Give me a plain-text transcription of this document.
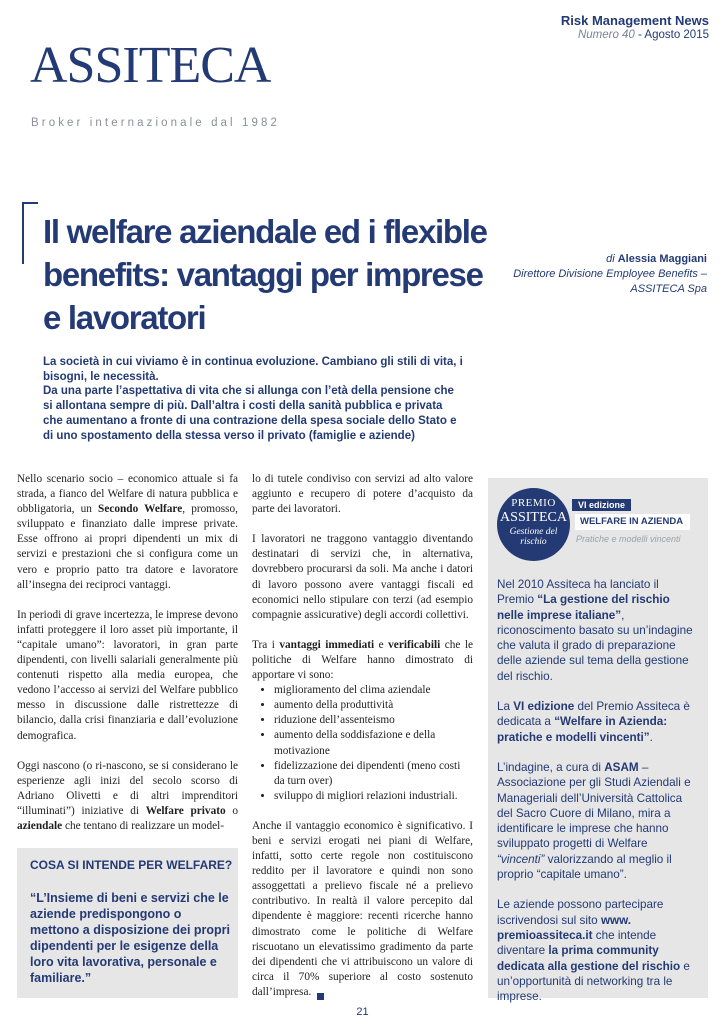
ASSITECA
Broker internazionale dal 1982
Risk Management News
Numero 40 - Agosto 2015
Il welfare aziendale ed i flexible benefits: vantaggi per imprese e lavoratori
di Alessia Maggiani
Direttore Divisione Employee Benefits – ASSITECA Spa
La società in cui viviamo è in continua evoluzione. Cambiano gli stili di vita, i bisogni, le necessità.
Da una parte l’aspettativa di vita che si allunga con l’età della pensione che si allontana sempre di più. Dall’altra i costi della sanità pubblica e privata che aumentano a fronte di una contrazione della spesa sociale dello Stato e di uno spostamento della stessa verso il privato (famiglie e aziende)

Nello scenario socio – economico attuale si fa strada, a fianco del Welfare di natura pubblica e obbligatoria, un Secondo Welfare, promosso, sviluppato e finanziato dalle imprese private. Esse offrono ai propri dipendenti un mix di servizi e prestazioni che si configura come un vero e proprio patto tra datore e lavoratore all’insegna dei reciproci vantaggi.

In periodi di grave incertezza, le imprese devono infatti proteggere il loro asset più importante, il “capitale umano”: lavoratori, in gran parte dipendenti, con livelli salariali generalmente più contenuti rispetto alla media europea, che vedono l’accesso ai servizi del Welfare pubblico messo in discussione dalle ristrettezze di bilancio, dalla crisi finanziaria e dall’evoluzione demografica.

Oggi nascono (o ri-nascono, se si considerano le esperienze agli inizi del secolo scorso di Adriano Olivetti e di altri imprenditori “illuminati”) iniziative di Welfare privato o aziendale che tentano di realizzare un model-

COSA SI INTENDE PER WELFARE?
“L’Insieme di beni e servizi che le aziende predispongono o mettono a disposizione dei propri dipendenti per le esigenze della loro vita lavorativa, personale e familiare.”

lo di tutele condiviso con servizi ad alto valore aggiunto e recupero di potere d’acquisto da parte dei lavoratori.

I lavoratori ne traggono vantaggio diventando destinatari di servizi che, in alternativa, dovrebbero procurarsi da soli. Ma anche i datori di lavoro possono avere vantaggi fiscali ed economici nello stipulare con terzi (ad esempio compagnie assicurative) degli accordi collettivi.

Tra i vantaggi immediati e verificabili che le politiche di Welfare hanno dimostrato di apportare vi sono:

• miglioramento del clima aziendale
• aumento della produttività
• riduzione dell’assenteismo
• aumento della soddisfazione e della motivazione
• fidelizzazione dei dipendenti (meno costi da turn over)
• sviluppo di migliori relazioni industriali.

Anche il vantaggio economico è significativo. I beni e servizi erogati nei piani di Welfare, infatti, sotto certe regole non costituiscono reddito per il lavoratore e quindi non sono assoggettati a prelievo fiscale né a prelievo contributivo. In realtà il valore percepito dal dipendente è maggiore: recenti ricerche hanno dimostrato come le politiche di Welfare riscuotano un elevatissimo gradimento da parte dei dipendenti che vi attribuiscono un valore di circa il 70% superiore al costo sostenuto dall’impresa.

PREMIO
ASSITECA
Gestione del rischio
VI edizione
WELFARE IN AZIENDA
Pratiche e modelli vincenti

Nel 2010 Assiteca ha lanciato il Premio “La gestione del rischio nelle imprese italiane”, riconoscimento basato su un’indagine che valuta il grado di preparazione delle aziende sul tema della gestione del rischio.

La VI edizione del Premio Assiteca è dedicata a “Welfare in Azienda: pratiche e modelli vincenti”.

L’indagine, a cura di ASAM – Associazione per gli Studi Aziendali e Manageriali dell’Università Cattolica del Sacro Cuore di Milano, mira a identificare le imprese che hanno sviluppato progetti di Welfare “vincenti” valorizzando al meglio il proprio “capitale umano”.

Le aziende possono partecipare iscrivendosi sul sito www. premioassiteca.it che intende diventare la prima community dedicata alla gestione del rischio e un’opportunità di networking tra le imprese.

21
